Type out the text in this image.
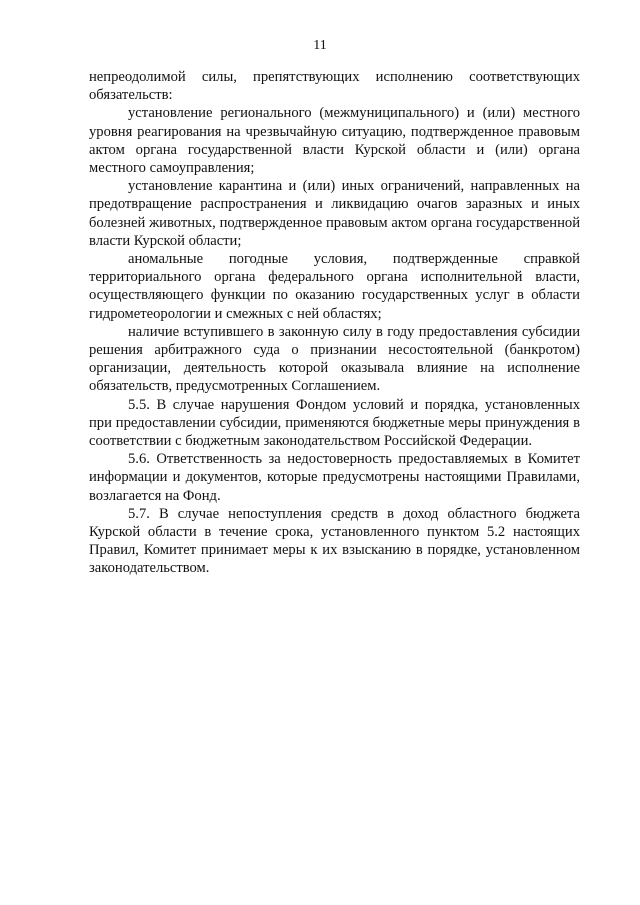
11

непреодолимой силы, препятствующих исполнению соответствующих обязательств:

установление регионального (межмуниципального) и (или) местного уровня реагирования на чрезвычайную ситуацию, подтвержденное правовым актом органа государственной власти Курской области и (или) органа местного самоуправления;

установление карантина и (или) иных ограничений, направленных на предотвращение распространения и ликвидацию очагов заразных и иных болезней животных, подтвержденное правовым актом органа государственной власти Курской области;

аномальные погодные условия, подтвержденные справкой территориального органа федерального органа исполнительной власти, осуществляющего функции по оказанию государственных услуг в области гидрометеорологии и смежных с ней областях;

наличие вступившего в законную силу в году предоставления субсидии решения арбитражного суда о признании несостоятельной (банкротом) организации, деятельность которой оказывала влияние на исполнение обязательств, предусмотренных Соглашением.

5.5. В случае нарушения Фондом условий и порядка, установленных при предоставлении субсидии, применяются бюджетные меры принуждения в соответствии с бюджетным законодательством Российской Федерации.

5.6. Ответственность за недостоверность предоставляемых в Комитет информации и документов, которые предусмотрены настоящими Правилами, возлагается на Фонд.

5.7. В случае непоступления средств в доход областного бюджета Курской области в течение срока, установленного пунктом 5.2 настоящих Правил, Комитет принимает меры к их взысканию в порядке, установленном законодательством.
